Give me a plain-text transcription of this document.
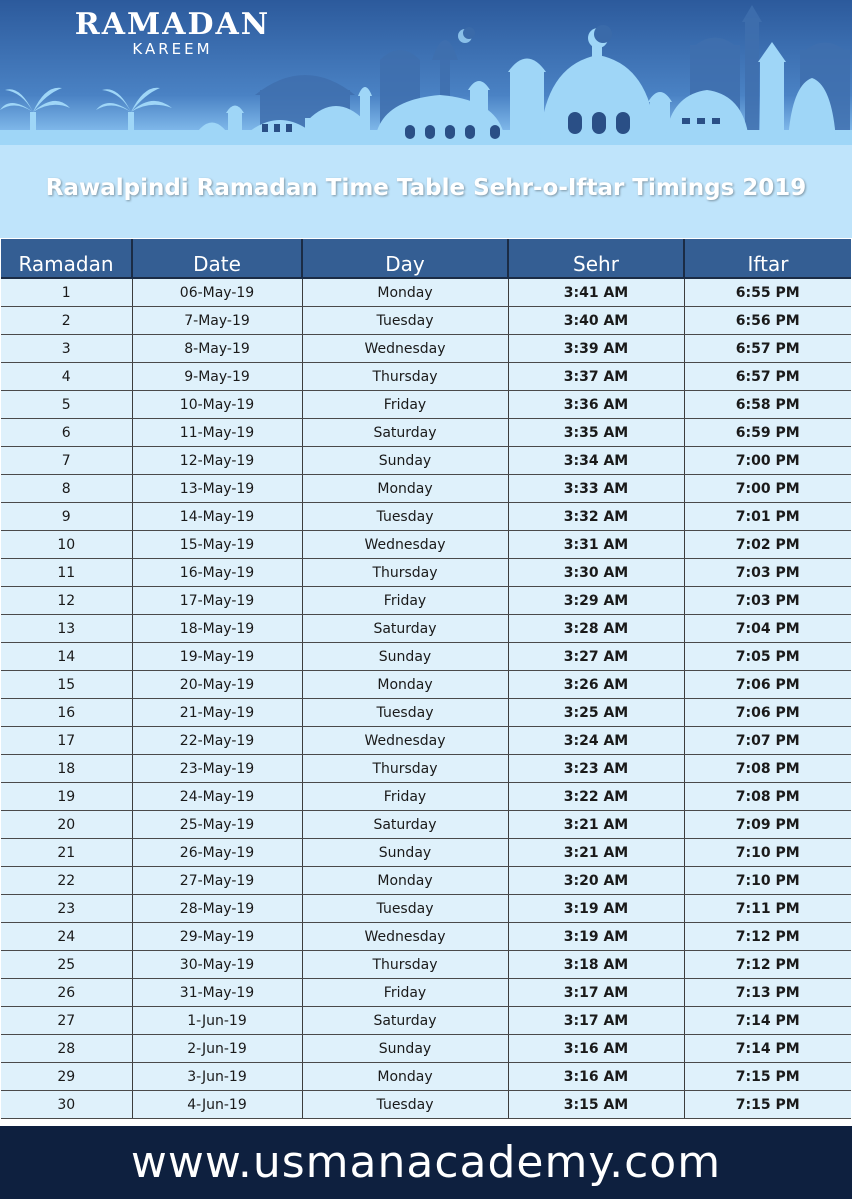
RAMADAN
KAREEM
Rawalpindi Ramadan Time Table Sehr-o-Iftar Timings 2019
Ramadan	Date	Day	Sehr	Iftar
1	06-May-19	Monday	3:41 AM	6:55 PM
2	7-May-19	Tuesday	3:40 AM	6:56 PM
3	8-May-19	Wednesday	3:39 AM	6:57 PM
4	9-May-19	Thursday	3:37 AM	6:57 PM
5	10-May-19	Friday	3:36 AM	6:58 PM
6	11-May-19	Saturday	3:35 AM	6:59 PM
7	12-May-19	Sunday	3:34 AM	7:00 PM
8	13-May-19	Monday	3:33 AM	7:00 PM
9	14-May-19	Tuesday	3:32 AM	7:01 PM
10	15-May-19	Wednesday	3:31 AM	7:02 PM
11	16-May-19	Thursday	3:30 AM	7:03 PM
12	17-May-19	Friday	3:29 AM	7:03 PM
13	18-May-19	Saturday	3:28 AM	7:04 PM
14	19-May-19	Sunday	3:27 AM	7:05 PM
15	20-May-19	Monday	3:26 AM	7:06 PM
16	21-May-19	Tuesday	3:25 AM	7:06 PM
17	22-May-19	Wednesday	3:24 AM	7:07 PM
18	23-May-19	Thursday	3:23 AM	7:08 PM
19	24-May-19	Friday	3:22 AM	7:08 PM
20	25-May-19	Saturday	3:21 AM	7:09 PM
21	26-May-19	Sunday	3:21 AM	7:10 PM
22	27-May-19	Monday	3:20 AM	7:10 PM
23	28-May-19	Tuesday	3:19 AM	7:11 PM
24	29-May-19	Wednesday	3:19 AM	7:12 PM
25	30-May-19	Thursday	3:18 AM	7:12 PM
26	31-May-19	Friday	3:17 AM	7:13 PM
27	1-Jun-19	Saturday	3:17 AM	7:14 PM
28	2-Jun-19	Sunday	3:16 AM	7:14 PM
29	3-Jun-19	Monday	3:16 AM	7:15 PM
30	4-Jun-19	Tuesday	3:15 AM	7:15 PM
www.usmanacademy.com
